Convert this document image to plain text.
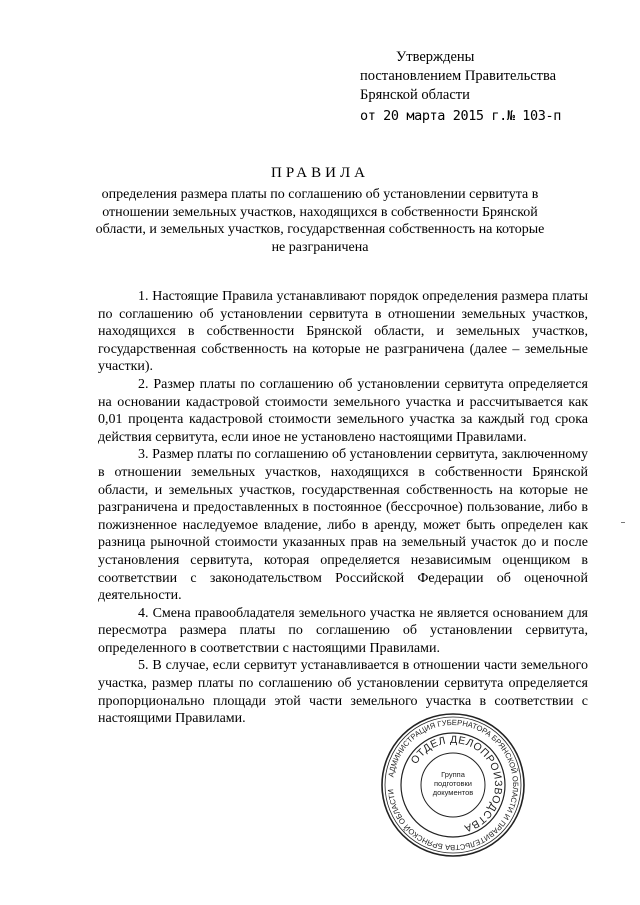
Утверждены
постановлением Правительства
Брянской области
от 20 марта 2015 г.№ 103-п
ПРАВИЛА
определения размера платы по соглашению об установлении сервитута в отношении земельных участков, находящихся в собственности Брянской области, и земельных участков, государственная собственность на которые не разграничена

1. Настоящие Правила устанавливают порядок определения размера платы по соглашению об установлении сервитута в отношении земельных участков, находящихся в собственности Брянской области, и земельных участков, государственная собственность на которые не разграничена (далее – земельные участки).

2. Размер платы по соглашению об установлении сервитута определяется на основании кадастровой стоимости земельного участка и рассчитывается как 0,01 процента кадастровой стоимости земельного участка за каждый год срока действия сервитута, если иное не установлено настоящими Правилами.

3. Размер платы по соглашению об установлении сервитута, заключенному в отношении земельных участков, находящихся в собственности Брянской области, и земельных участков, государственная собственность на которые не разграничена и предоставленных в постоянное (бессрочное) пользование, либо в пожизненное наследуемое владение, либо в аренду, может быть определен как разница рыночной стоимости указанных прав на земельный участок до и после установления сервитута, которая определяется независимым оценщиком в соответствии с законодательством Российской Федерации об оценочной деятельности.

4. Смена правообладателя земельного участка не является основанием для пересмотра размера платы по соглашению об установлении сервитута, определенного в соответствии с настоящими Правилами.

5. В случае, если сервитут устанавливается в отношении части земельного участка, размер платы по соглашению об установлении сервитута определяется пропорционально площади этой части земельного участка в соответствии с настоящими Правилами.

АДМИНИСТРАЦИЯ ГУБЕРНАТОРА БРЯНСКОЙ ОБЛАСТИ И ПРАВИТЕЛЬСТВА БРЯНСКОЙ ОБЛАСТИ
ОТДЕЛ ДЕЛОПРОИЗВОДСТВА
Группа подготовки документов
